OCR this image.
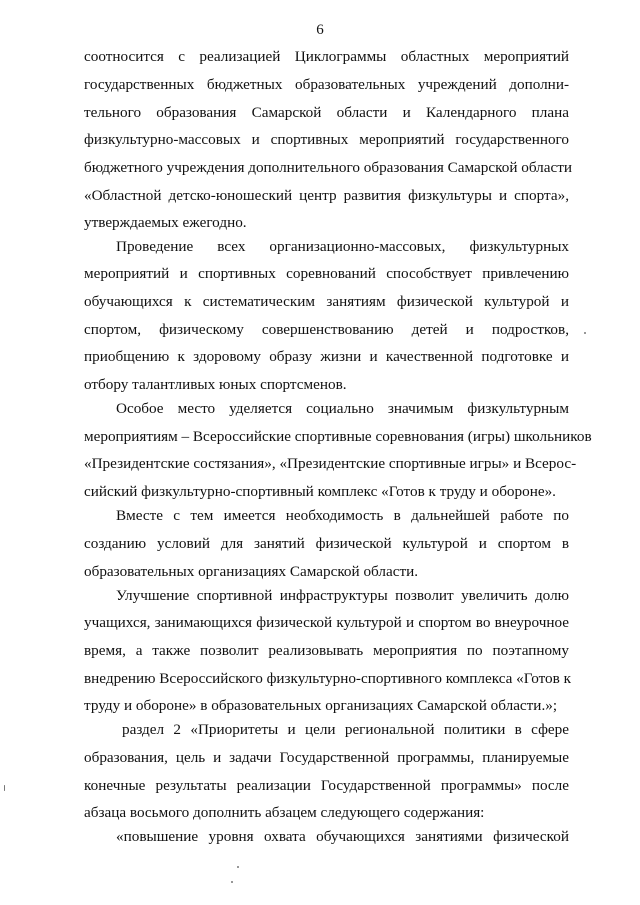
6
соотносится с реализацией Циклограммы областных мероприятий
государственных бюджетных образовательных учреждений дополни-
тельного образования Самарской области и Календарного плана
физкультурно-массовых и спортивных мероприятий государственного
бюджетного учреждения дополнительного образования Самарской области
«Областной детско-юношеский центр развития физкультуры и спорта»,
утверждаемых ежегодно.
Проведение всех организационно-массовых, физкультурных
мероприятий и спортивных соревнований способствует привлечению
обучающихся к систематическим занятиям физической культурой и
спортом, физическому совершенствованию детей и подростков,
приобщению к здоровому образу жизни и качественной подготовке и
отбору талантливых юных спортсменов.
Особое место уделяется социально значимым физкультурным
мероприятиям – Всероссийские спортивные соревнования (игры) школьников
«Президентские состязания», «Президентские спортивные игры» и Всерос-
сийский физкультурно-спортивный комплекс «Готов к труду и обороне».
Вместе с тем имеется необходимость в дальнейшей работе по
созданию условий для занятий физической культурой и спортом в
образовательных организациях Самарской области.
Улучшение спортивной инфраструктуры позволит увеличить долю
учащихся, занимающихся физической культурой и спортом во внеурочное
время, а также позволит реализовывать мероприятия по поэтапному
внедрению Всероссийского физкультурно-спортивного комплекса «Готов к
труду и обороне» в образовательных организациях Самарской области.»;
раздел 2 «Приоритеты и цели региональной политики в сфере
образования, цель и задачи Государственной программы, планируемые
конечные результаты реализации Государственной программы» после
абзаца восьмого дополнить абзацем следующего содержания:
«повышение уровня охвата обучающихся занятиями физической
